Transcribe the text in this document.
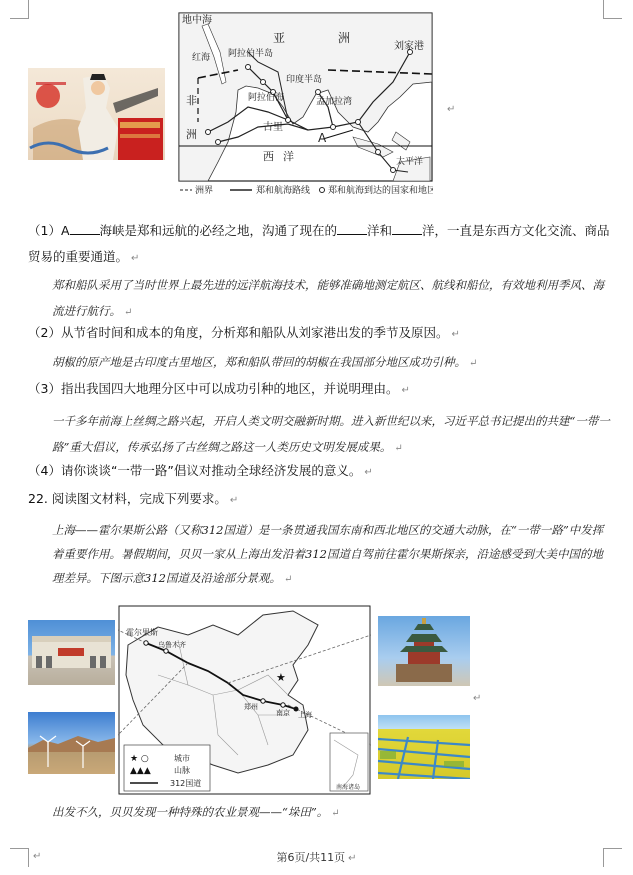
地中海
亚	洲
刘家港
红海 阿拉伯半岛
阿拉伯海
印度半岛
孟加拉湾
非
洲
古里
A
西 洋	太平洋
洲界	郑和航海路线 郑和航海到达的国家和地区
↵
（1）A 海峡是郑和远航的必经之地，沟通了现在的 洋和 洋，一直是东西方文化交流、商品贸易的重要通道。 ↵
郑和船队采用了当时世界上最先进的远洋航海技术，能够准确地测定航区、航线和船位，有效地利用季风、海流进行航行。 ↵
（2）从节省时间和成本的角度，分析郑和船队从刘家港出发的季节及原因。 ↵
胡椒的原产地是古印度古里地区，郑和船队带回的胡椒在我国部分地区成功引种。 ↵
（3）指出我国四大地理分区中可以成功引种的地区，并说明理由。 ↵
一千多年前海上丝绸之路兴起，开启人类文明交融新时期。进入新世纪以来，习近平总书记提出的共建“一带一路”重大倡议，传承弘扬了古丝绸之路这一人类历史文明发展成果。 ↵
（4）请你谈谈“一带一路”倡议对推动全球经济发展的意义。 ↵
22. 阅读图文材料，完成下列要求。 ↵
上海——霍尔果斯公路（又称312国道）是一条贯通我国东南和西北地区的交通大动脉，在“一带一路”中发挥着重要作用。暑假期间，贝贝一家从上海出发沿着312国道自驾前往霍尔果斯探亲，沿途感受到大美中国的地理差异。下图示意312国道及沿途部分景观。 ↵
★
霍尔果斯
乌鲁木齐
郑州
南京 上海
南海诸岛
★ ○	城市
▲▲▲	山脉
312国道
↵
出发不久，贝贝发现一种特殊的农业景观——“垛田”。 ↵
第6页/共11页 ↵
↵
